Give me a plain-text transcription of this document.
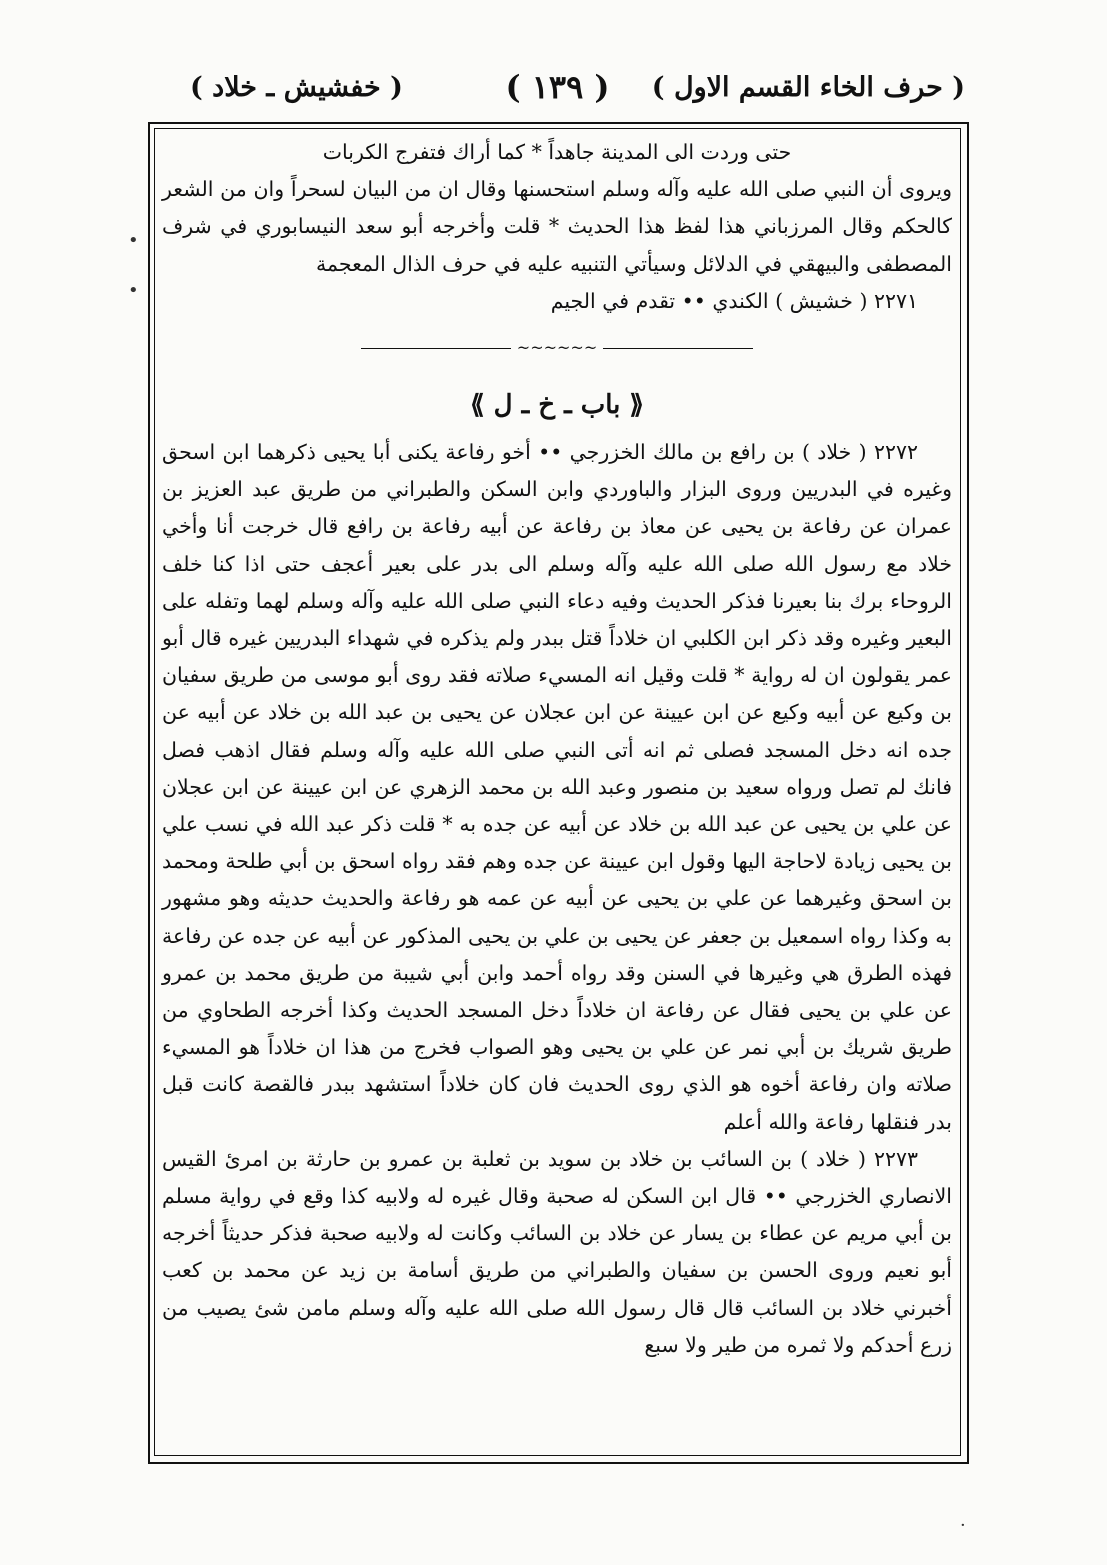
( حرف الخاء القسم الاول )
( ١٣٩ )
( خفشيش ـ خلاد )

حتى وردت الى المدينة جاهداً * كما أراك فتفرج الكربات

ويروى أن النبي صلى الله عليه وآله وسلم استحسنها وقال ان من البيان لسحراً وان من الشعر كالحكم وقال المرزباني هذا لفظ هذا الحديث * قلت وأخرجه أبو سعد النيسابوري في شرف المصطفى والبيهقي في الدلائل وسيأتي التنبيه عليه في حرف الذال المعجمة

٢٢٧١ ( خشيش ) الكندي •• تقدم في الجيم

~~~~~~
⟪ باب ـ خ ـ ل ⟫

٢٢٧٢ ( خلاد ) بن رافع بن مالك الخزرجي •• أخو رفاعة يكنى أبا يحيى ذكرهما ابن اسحق وغيره في البدريين وروى البزار والباوردي وابن السكن والطبراني من طريق عبد العزيز بن عمران عن رفاعة بن يحيى عن معاذ بن رفاعة عن أبيه رفاعة بن رافع قال خرجت أنا وأخي خلاد مع رسول الله صلى الله عليه وآله وسلم الى بدر على بعير أعجف حتى اذا كنا خلف الروحاء برك بنا بعيرنا فذكر الحديث وفيه دعاء النبي صلى الله عليه وآله وسلم لهما وتفله على البعير وغيره وقد ذكر ابن الكلبي ان خلاداً قتل ببدر ولم يذكره في شهداء البدريين غيره قال أبو عمر يقولون ان له رواية * قلت وقيل انه المسيء صلاته فقد روى أبو موسى من طريق سفيان بن وكيع عن أبيه وكيع عن ابن عيينة عن ابن عجلان عن يحيى بن عبد الله بن خلاد عن أبيه عن جده انه دخل المسجد فصلى ثم انه أتى النبي صلى الله عليه وآله وسلم فقال اذهب فصل فانك لم تصل ورواه سعيد بن منصور وعبد الله بن محمد الزهري عن ابن عيينة عن ابن عجلان عن علي بن يحيى عن عبد الله بن خلاد عن أبيه عن جده به * قلت ذكر عبد الله في نسب علي بن يحيى زيادة لاحاجة اليها وقول ابن عيينة عن جده وهم فقد رواه اسحق بن أبي طلحة ومحمد بن اسحق وغيرهما عن علي بن يحيى عن أبيه عن عمه هو رفاعة والحديث حديثه وهو مشهور به وكذا رواه اسمعيل بن جعفر عن يحيى بن علي بن يحيى المذكور عن أبيه عن جده عن رفاعة فهذه الطرق هي وغيرها في السنن وقد رواه أحمد وابن أبي شيبة من طريق محمد بن عمرو عن علي بن يحيى فقال عن رفاعة ان خلاداً دخل المسجد الحديث وكذا أخرجه الطحاوي من طريق شريك بن أبي نمر عن علي بن يحيى وهو الصواب فخرج من هذا ان خلاداً هو المسيء صلاته وان رفاعة أخوه هو الذي روى الحديث فان كان خلاداً استشهد ببدر فالقصة كانت قبل بدر فنقلها رفاعة والله أعلم

٢٢٧٣ ( خلاد ) بن السائب بن خلاد بن سويد بن ثعلبة بن عمرو بن حارثة بن امرئ القيس الانصاري الخزرجي •• قال ابن السكن له صحبة وقال غيره له ولابيه كذا وقع في رواية مسلم بن أبي مريم عن عطاء بن يسار عن خلاد بن السائب وكانت له ولابيه صحبة فذكر حديثاً أخرجه أبو نعيم وروى الحسن بن سفيان والطبراني من طريق أسامة بن زيد عن محمد بن كعب أخبرني خلاد بن السائب قال قال رسول الله صلى الله عليه وآله وسلم مامن شئ يصيب من زرع أحدكم ولا ثمره من طير ولا سبع

•
•
·
